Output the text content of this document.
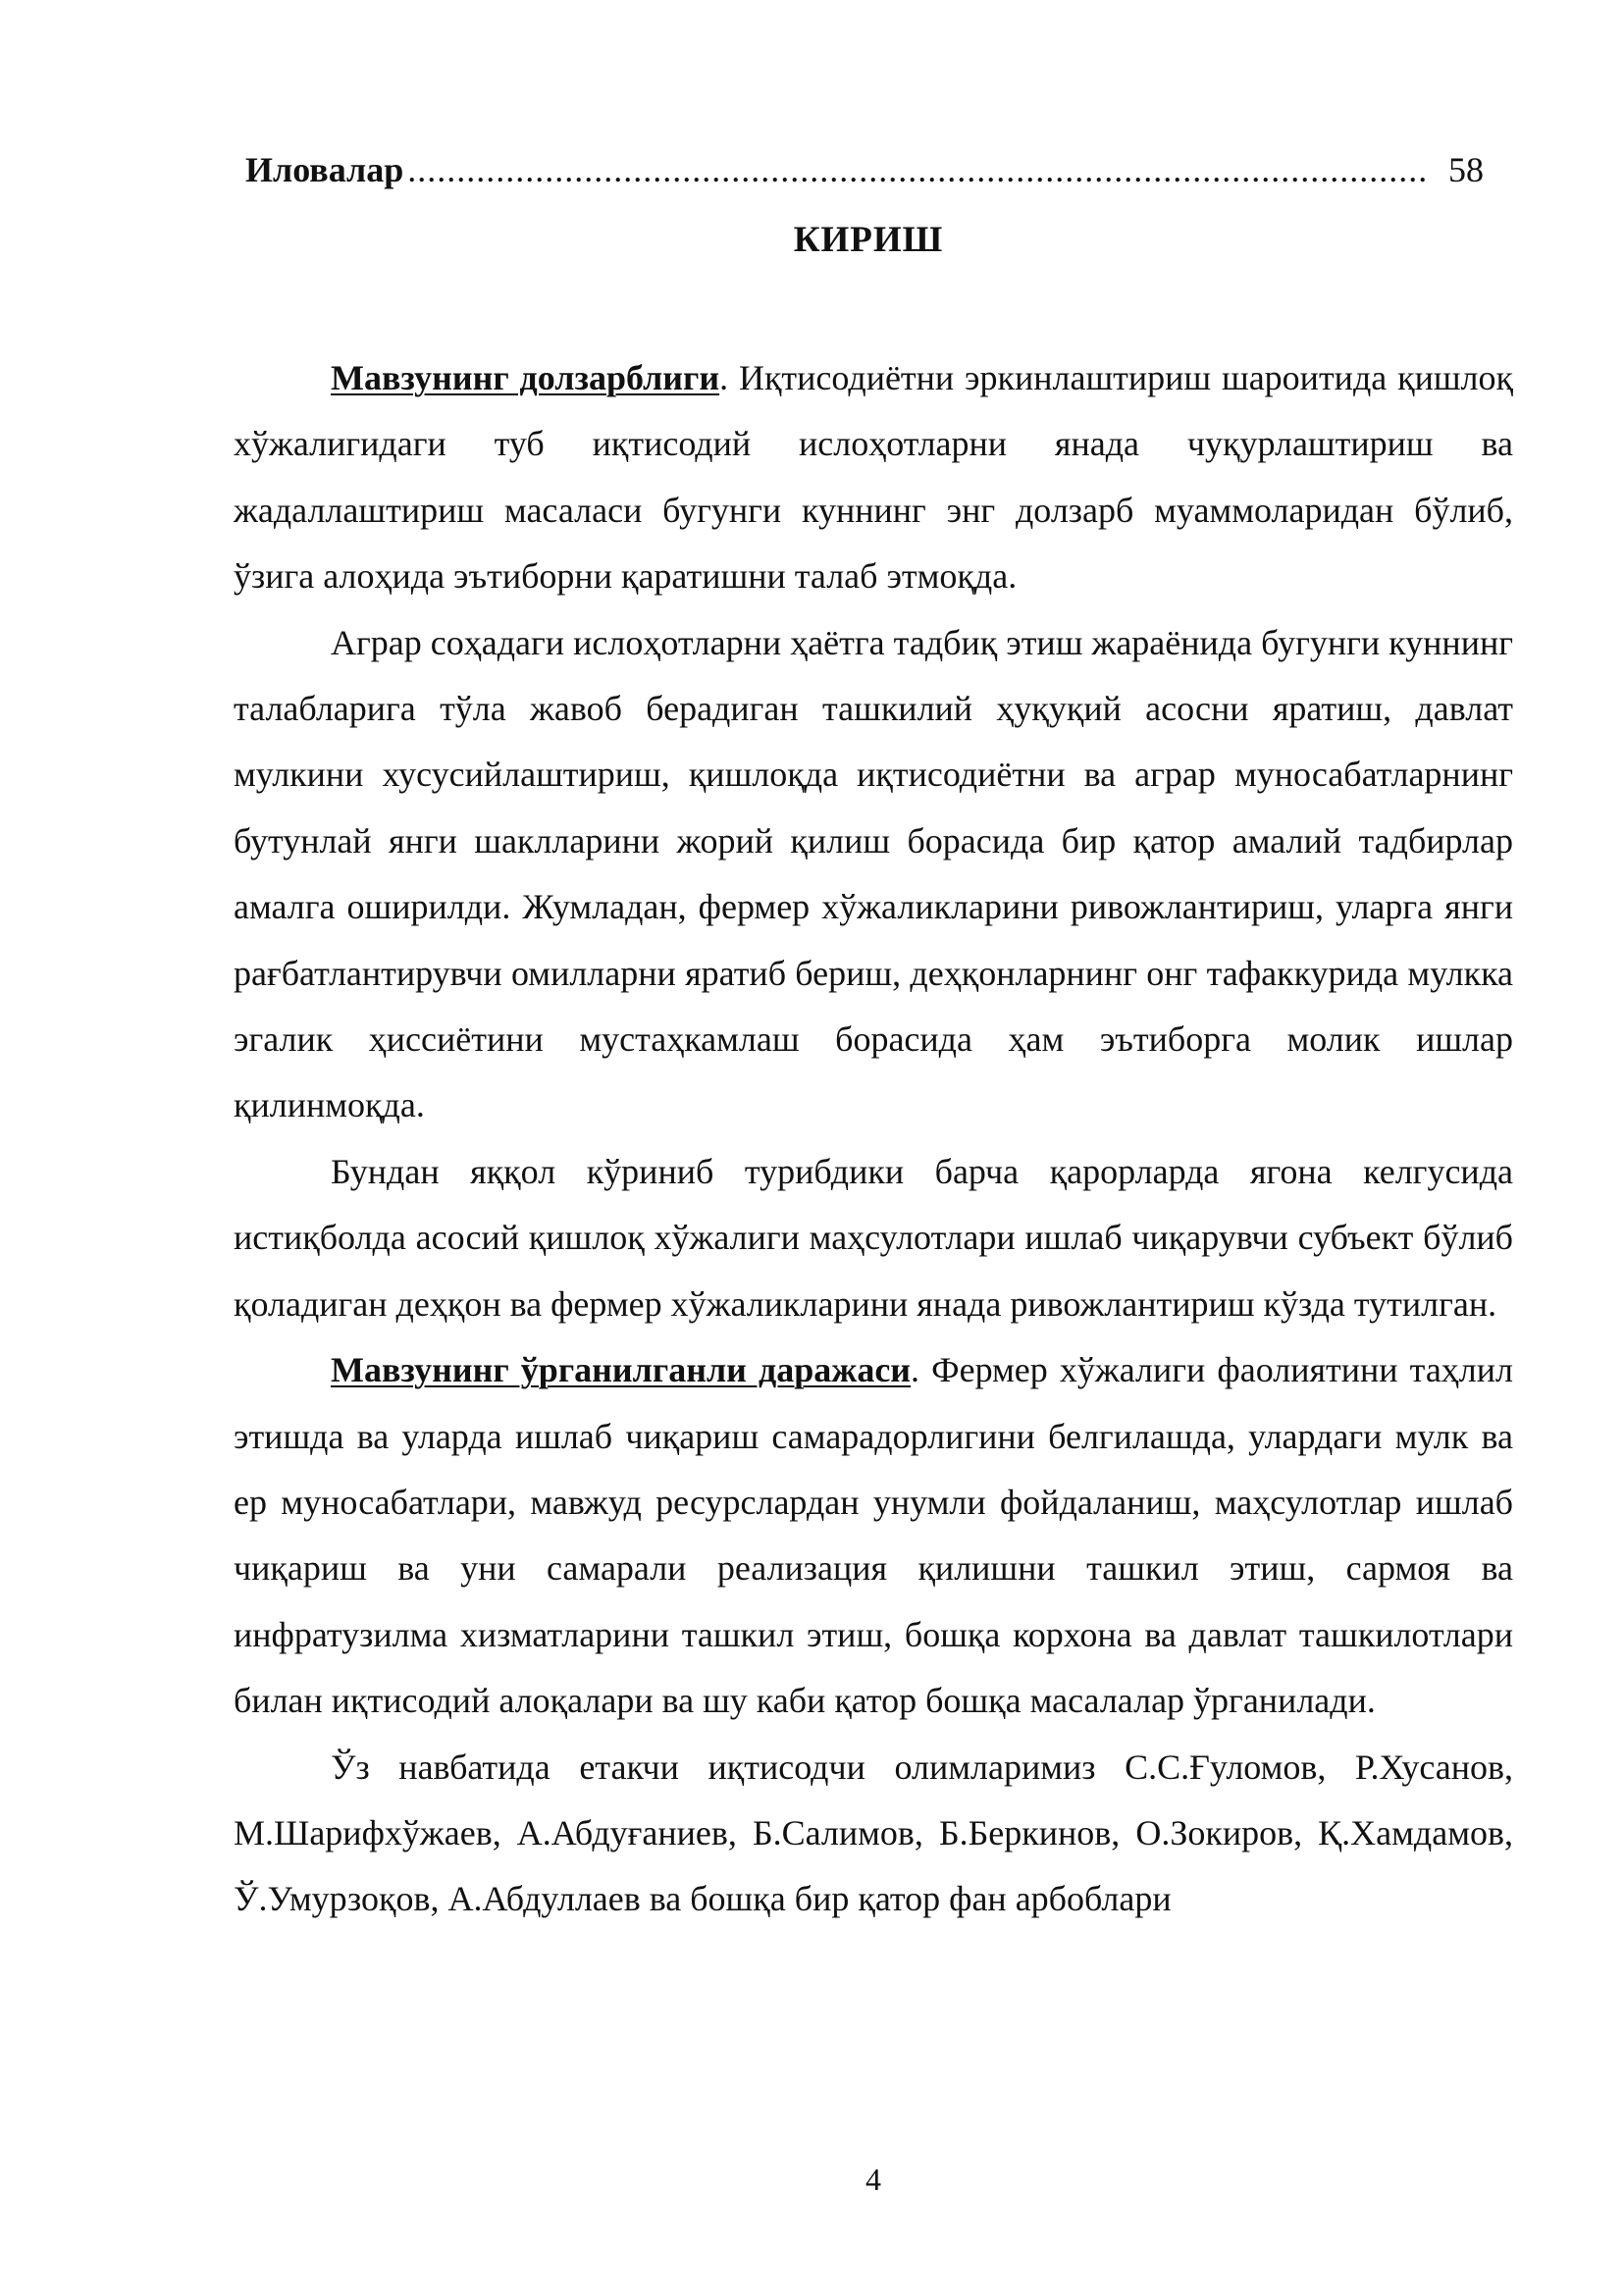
Иловалар ........................................................................................................ 58
КИРИШ

Мавзунинг долзарблиги. Иқтисодиётни эркинлаштириш шароитида қишлоқ хўжалигидаги туб иқтисодий ислоҳотларни янада чуқурлаштириш ва жадаллаштириш масаласи бугунги куннинг энг долзарб муаммоларидан бўлиб, ўзига алоҳида эътиборни қаратишни талаб этмоқда.

Аграр соҳадаги ислоҳотларни ҳаётга тадбиқ этиш жараёнида бугунги куннинг талабларига тўла жавоб берадиган ташкилий ҳуқуқий асосни яратиш, давлат мулкини хусусийлаштириш, қишлоқда иқтисодиётни ва аграр муносабатларнинг бутунлай янги шаклларини жорий қилиш борасида бир қатор амалий тадбирлар амалга оширилди. Жумладан, фермер хўжаликларини ривожлантириш, уларга янги рағбатлантирувчи омилларни яратиб бериш, деҳқонларнинг онг тафаккурида мулкка эгалик ҳиссиётини мустаҳкамлаш борасида ҳам эътиборга молик ишлар қилинмоқда.

Бундан яққол кўриниб турибдики барча қарорларда ягона келгусида истиқболда асосий қишлоқ хўжалиги маҳсулотлари ишлаб чиқарувчи субъект бўлиб қоладиган деҳқон ва фермер хўжаликларини янада ривожлантириш кўзда тутилган.

Мавзунинг ўрганилганли даражаси. Фермер хўжалиги фаолиятини таҳлил этишда ва уларда ишлаб чиқариш самарадорлигини белгилашда, улардаги мулк ва ер муносабатлари, мавжуд ресурслардан унумли фойдаланиш, маҳсулотлар ишлаб чиқариш ва уни самарали реализация қилишни ташкил этиш, сармоя ва инфратузилма хизматларини ташкил этиш, бошқа корхона ва давлат ташкилотлари билан иқтисодий алоқалари ва шу каби қатор бошқа масалалар ўрганилади.

Ўз навбатида етакчи иқтисодчи олимларимиз С.С.Ғуломов, Р.Хусанов, М.Шарифхўжаев, А.Абдуғаниев, Б.Салимов, Б.Беркинов, О.Зокиров, Қ.Хамдамов, Ў.Умурзоқов, А.Абдуллаев ва бошқа бир қатор фан арбоблари

4
